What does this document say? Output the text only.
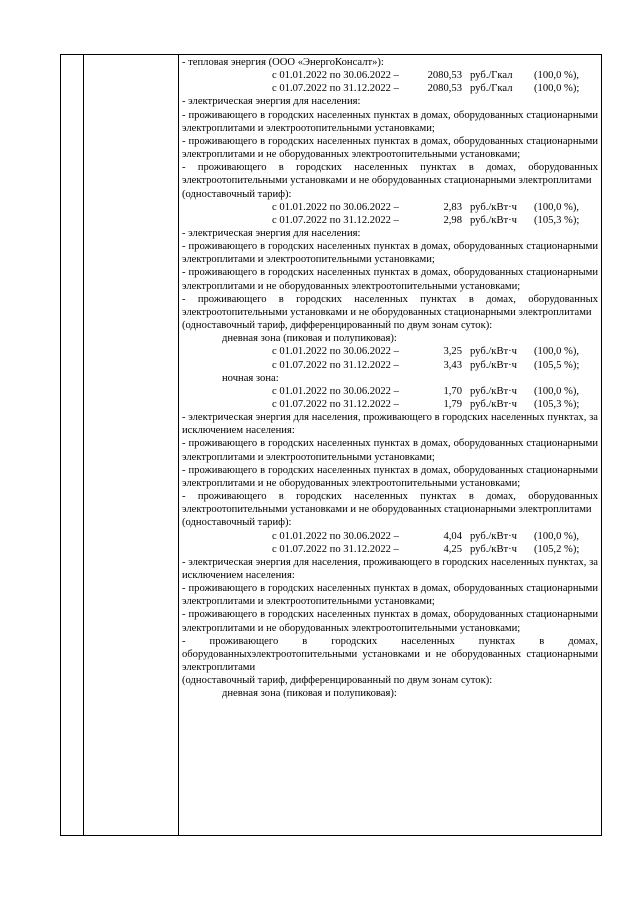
- тепловая энергия (ООО «ЭнергоКонсалт»):
с 01.01.2022 по 30.06.2022 –	2080,53 руб./Гкал (100,0 %),
с 01.07.2022 по 31.12.2022 –	2080,53 руб./Гкал (100,0 %);
- электрическая энергия для населения:
- проживающего в городских населенных пунктах в домах, оборудованных стационарными электроплитами и электроотопительными установками;
- проживающего в городских населенных пунктах в домах, оборудованных стационарными электроплитами и не оборудованных электроотопительными установками;
- проживающего в городских населенных пунктах в домах, оборудованных электроотопительными установками и не оборудованных стационарными электроплитами
(одноставочный тариф):
с 01.01.2022 по 30.06.2022 –	2,83 руб./кВт·ч (100,0 %),
с 01.07.2022 по 31.12.2022 –	2,98 руб./кВт·ч (105,3 %);
- электрическая энергия для населения:
- проживающего в городских населенных пунктах в домах, оборудованных стационарными электроплитами и электроотопительными установками;
- проживающего в городских населенных пунктах в домах, оборудованных стационарными электроплитами и не оборудованных электроотопительными установками;
- проживающего в городских населенных пунктах в домах, оборудованных электроотопительными установками и не оборудованных стационарными электроплитами
(одноставочный тариф, дифференцированный по двум зонам суток):
дневная зона (пиковая и полупиковая):
с 01.01.2022 по 30.06.2022 –	3,25 руб./кВт·ч (100,0 %),
с 01.07.2022 по 31.12.2022 –	3,43 руб./кВт·ч (105,5 %);
ночная зона:
с 01.01.2022 по 30.06.2022 –	1,70 руб./кВт·ч (100,0 %),
с 01.07.2022 по 31.12.2022 –	1,79 руб./кВт·ч (105,3 %);
- электрическая энергия для населения, проживающего в городских населенных пунктах, за исключением населения:
- проживающего в городских населенных пунктах в домах, оборудованных стационарными электроплитами и электроотопительными установками;
- проживающего в городских населенных пунктах в домах, оборудованных стационарными электроплитами и не оборудованных электроотопительными установками;
- проживающего в городских населенных пунктах в домах, оборудованных электроотопительными установками и не оборудованных стационарными электроплитами
(одноставочный тариф):
с 01.01.2022 по 30.06.2022 –	4,04 руб./кВт·ч (100,0 %),
с 01.07.2022 по 31.12.2022 –	4,25 руб./кВт·ч (105,2 %);
- электрическая энергия для населения, проживающего в городских населенных пунктах, за исключением населения:
- проживающего в городских населенных пунктах в домах, оборудованных стационарными электроплитами и электроотопительными установками;
- проживающего в городских населенных пунктах в домах, оборудованных стационарными электроплитами и не оборудованных электроотопительными установками;
- проживающего в городских населенных пунктах в домах, оборудованныхэлектроотопительными установками и не оборудованных стационарными электроплитами
(одноставочный тариф, дифференцированный по двум зонам суток):
дневная зона (пиковая и полупиковая):
